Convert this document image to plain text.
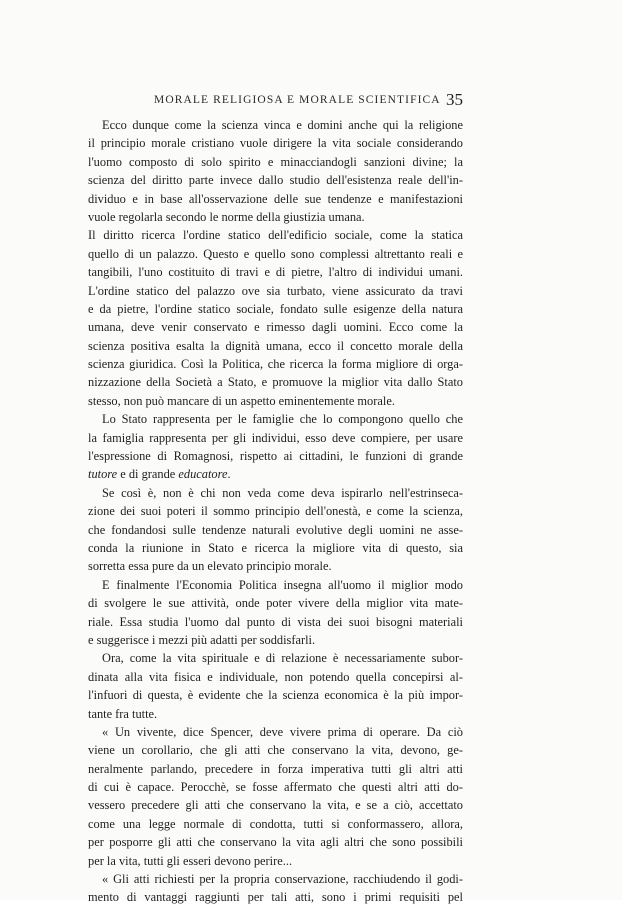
MORALE RELIGIOSA E MORALE SCIENTIFICA 35
Ecco dunque come la scienza vinca e domini anche qui la religione
il principio morale cristiano vuole dirigere la vita sociale considerando
l'uomo composto di solo spirito e minacciandogli sanzioni divine; la
scienza del diritto parte invece dallo studio dell'esistenza reale dell'in-
dividuo e in base all'osservazione delle sue tendenze e manifestazioni
vuole regolarla secondo le norme della giustizia umana.
Il diritto ricerca l'ordine statico dell'edificio sociale, come la statica
quello di un palazzo. Questo e quello sono complessi altrettanto reali e
tangibili, l'uno costituito di travi e di pietre, l'altro di individui umani.
L'ordine statico del palazzo ove sia turbato, viene assicurato da travi
e da pietre, l'ordine statico sociale, fondato sulle esigenze della natura
umana, deve venir conservato e rimesso dagli uomini. Ecco come la
scienza positiva esalta la dignità umana, ecco il concetto morale della
scienza giuridica. Così la Politica, che ricerca la forma migliore di orga-
nizzazione della Società a Stato, e promuove la miglior vita dallo Stato
stesso, non può mancare di un aspetto eminentemente morale.
Lo Stato rappresenta per le famiglie che lo compongono quello che
la famiglia rappresenta per gli individui, esso deve compiere, per usare
l'espressione di Romagnosi, rispetto ai cittadini, le funzioni di grande
tutore e di grande educatore.
Se così è, non è chi non veda come deva ispirarlo nell'estrinseca-
zione dei suoi poteri il sommo principio dell'onestà, e come la scienza,
che fondandosi sulle tendenze naturali evolutive degli uomini ne asse-
conda la riunione in Stato e ricerca la migliore vita di questo, sia
sorretta essa pure da un elevato principio morale.
E finalmente l'Economia Politica insegna all'uomo il miglior modo
di svolgere le sue attività, onde poter vivere della miglior vita mate-
riale. Essa studia l'uomo dal punto di vista dei suoi bisogni materiali
e suggerisce i mezzi più adatti per soddisfarli.
Ora, come la vita spirituale e di relazione è necessariamente subor-
dinata alla vita fisica e individuale, non potendo quella concepirsi al-
l'infuori di questa, è evidente che la scienza economica è la più impor-
tante fra tutte.
« Un vivente, dice Spencer, deve vivere prima di operare. Da ciò
viene un corollario, che gli atti che conservano la vita, devono, ge-
neralmente parlando, precedere in forza imperativa tutti gli altri atti
di cui è capace. Perocchè, se fosse affermato che questi altri atti do-
vessero precedere gli atti che conservano la vita, e se a ciò, accettato
come una legge normale di condotta, tutti si conformassero, allora,
per posporre gli atti che conservano la vita agli altri che sono possibili
per la vita, tutti gli esseri devono perire...
« Gli atti richiesti per la propria conservazione, racchiudendo il godi-
mento di vantaggi raggiunti per tali atti, sono i primi requisiti pel
